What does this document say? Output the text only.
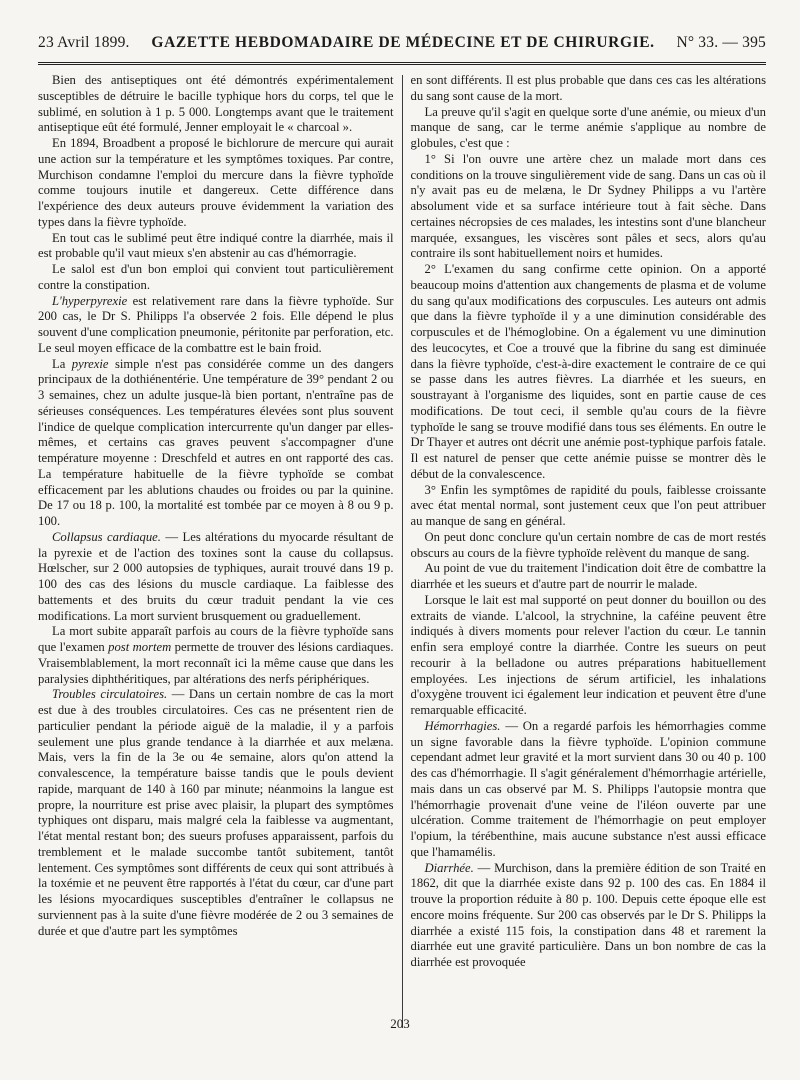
23 Avril 1899. GAZETTE HEBDOMADAIRE DE MÉDECINE ET DE CHIRURGIE. N° 33. — 395

Bien des antiseptiques ont été démontrés expérimentalement susceptibles de détruire le bacille typhique hors du corps, tel que le sublimé, en solution à 1 p. 5 000. Longtemps avant que le traitement antiseptique eût été formulé, Jenner employait le « charcoal ».

En 1894, Broadbent a proposé le bichlorure de mercure qui aurait une action sur la température et les symptômes toxiques. Par contre, Murchison condamne l'emploi du mercure dans la fièvre typhoïde comme toujours inutile et dangereux. Cette différence dans l'expérience des deux auteurs prouve évidemment la variation des types dans la fièvre typhoïde.

En tout cas le sublimé peut être indiqué contre la diarrhée, mais il est probable qu'il vaut mieux s'en abstenir au cas d'hémorragie.

Le salol est d'un bon emploi qui convient tout particulièrement contre la constipation.

L'hyperpyrexie est relativement rare dans la fièvre typhoïde. Sur 200 cas, le Dr S. Philipps l'a observée 2 fois. Elle dépend le plus souvent d'une complication pneumonie, péritonite par perforation, etc. Le seul moyen efficace de la combattre est le bain froid.

La pyrexie simple n'est pas considérée comme un des dangers principaux de la dothiénentérie. Une température de 39° pendant 2 ou 3 semaines, chez un adulte jusque-là bien portant, n'entraîne pas de sérieuses conséquences. Les températures élevées sont plus souvent l'indice de quelque complication intercurrente qu'un danger par elles-mêmes, et certains cas graves peuvent s'accompagner d'une température moyenne : Dreschfeld et autres en ont rapporté des cas. La température habituelle de la fièvre typhoïde se combat efficacement par les ablutions chaudes ou froides ou par la quinine. De 17 ou 18 p. 100, la mortalité est tombée par ce moyen à 8 ou 9 p. 100.

Collapsus cardiaque. — Les altérations du myocarde résultant de la pyrexie et de l'action des toxines sont la cause du collapsus. Hœlscher, sur 2 000 autopsies de typhiques, aurait trouvé dans 19 p. 100 des cas des lésions du muscle cardiaque. La faiblesse des battements et des bruits du cœur traduit pendant la vie ces modifications. La mort survient brusquement ou graduellement.

La mort subite apparaît parfois au cours de la fièvre typhoïde sans que l'examen post mortem permette de trouver des lésions cardiaques. Vraisemblablement, la mort reconnaît ici la même cause que dans les paralysies diphthéritiques, par altérations des nerfs périphériques.

Troubles circulatoires. — Dans un certain nombre de cas la mort est due à des troubles circulatoires. Ces cas ne présentent rien de particulier pendant la période aiguë de la maladie, il y a parfois seulement une plus grande tendance à la diarrhée et aux melæna. Mais, vers la fin de la 3e ou 4e semaine, alors qu'on attend la convalescence, la température baisse tandis que le pouls devient rapide, marquant de 140 à 160 par minute; néanmoins la langue est propre, la nourriture est prise avec plaisir, la plupart des symptômes typhiques ont disparu, mais malgré cela la faiblesse va augmentant, l'état mental restant bon; des sueurs profuses apparaissent, parfois du tremblement et le malade succombe tantôt subitement, tantôt lentement. Ces symptômes sont différents de ceux qui sont attribués à la toxémie et ne peuvent être rapportés à l'état du cœur, car d'une part les lésions myocardiques susceptibles d'entraîner le collapsus ne surviennent pas à la suite d'une fièvre modérée de 2 ou 3 semaines de durée et que d'autre part les symptômes

en sont différents. Il est plus probable que dans ces cas les altérations du sang sont cause de la mort.

La preuve qu'il s'agit en quelque sorte d'une anémie, ou mieux d'un manque de sang, car le terme anémie s'applique au nombre de globules, c'est que :

1° Si l'on ouvre une artère chez un malade mort dans ces conditions on la trouve singulièrement vide de sang. Dans un cas où il n'y avait pas eu de melæna, le Dr Sydney Philipps a vu l'artère absolument vide et sa surface intérieure tout à fait sèche. Dans certaines nécropsies de ces malades, les intestins sont d'une blancheur marquée, exsangues, les viscères sont pâles et secs, alors qu'au contraire ils sont habituellement noirs et humides.

2° L'examen du sang confirme cette opinion. On a apporté beaucoup moins d'attention aux changements de plasma et de volume du sang qu'aux modifications des corpuscules. Les auteurs ont admis que dans la fièvre typhoïde il y a une diminution considérable des corpuscules et de l'hémoglobine. On a également vu une diminution des leucocytes, et Coe a trouvé que la fibrine du sang est diminuée dans la fièvre typhoïde, c'est-à-dire exactement le contraire de ce qui se passe dans les autres fièvres. La diarrhée et les sueurs, en soustrayant à l'organisme des liquides, sont en partie cause de ces modifications. De tout ceci, il semble qu'au cours de la fièvre typhoïde le sang se trouve modifié dans tous ses éléments. En outre le Dr Thayer et autres ont décrit une anémie post-typhique parfois fatale. Il est naturel de penser que cette anémie puisse se montrer dès le début de la convalescence.

3° Enfin les symptômes de rapidité du pouls, faiblesse croissante avec état mental normal, sont justement ceux que l'on peut attribuer au manque de sang en général.

On peut donc conclure qu'un certain nombre de cas de mort restés obscurs au cours de la fièvre typhoïde relèvent du manque de sang.

Au point de vue du traitement l'indication doit être de combattre la diarrhée et les sueurs et d'autre part de nourrir le malade.

Lorsque le lait est mal supporté on peut donner du bouillon ou des extraits de viande. L'alcool, la strychnine, la caféine peuvent être indiqués à divers moments pour relever l'action du cœur. Le tannin enfin sera employé contre la diarrhée. Contre les sueurs on peut recourir à la belladone ou autres préparations habituellement employées. Les injections de sérum artificiel, les inhalations d'oxygène trouvent ici également leur indication et peuvent être d'une remarquable efficacité.

Hémorrhagies. — On a regardé parfois les hémorrhagies comme un signe favorable dans la fièvre typhoïde. L'opinion commune cependant admet leur gravité et la mort survient dans 30 ou 40 p. 100 des cas d'hémorrhagie. Il s'agit généralement d'hémorrhagie artérielle, mais dans un cas observé par M. S. Philipps l'autopsie montra que l'hémorrhagie provenait d'une veine de l'iléon ouverte par une ulcération. Comme traitement de l'hémorrhagie on peut employer l'opium, la térébenthine, mais aucune substance n'est aussi efficace que l'hamamélis.

Diarrhée. — Murchison, dans la première édition de son Traité en 1862, dit que la diarrhée existe dans 92 p. 100 des cas. En 1884 il trouve la proportion réduite à 80 p. 100. Depuis cette époque elle est encore moins fréquente. Sur 200 cas observés par le Dr S. Philipps la diarrhée a existé 115 fois, la constipation dans 48 et rarement la diarrhée eut une gravité particulière. Dans un bon nombre de cas la diarrhée est provoquée

203
